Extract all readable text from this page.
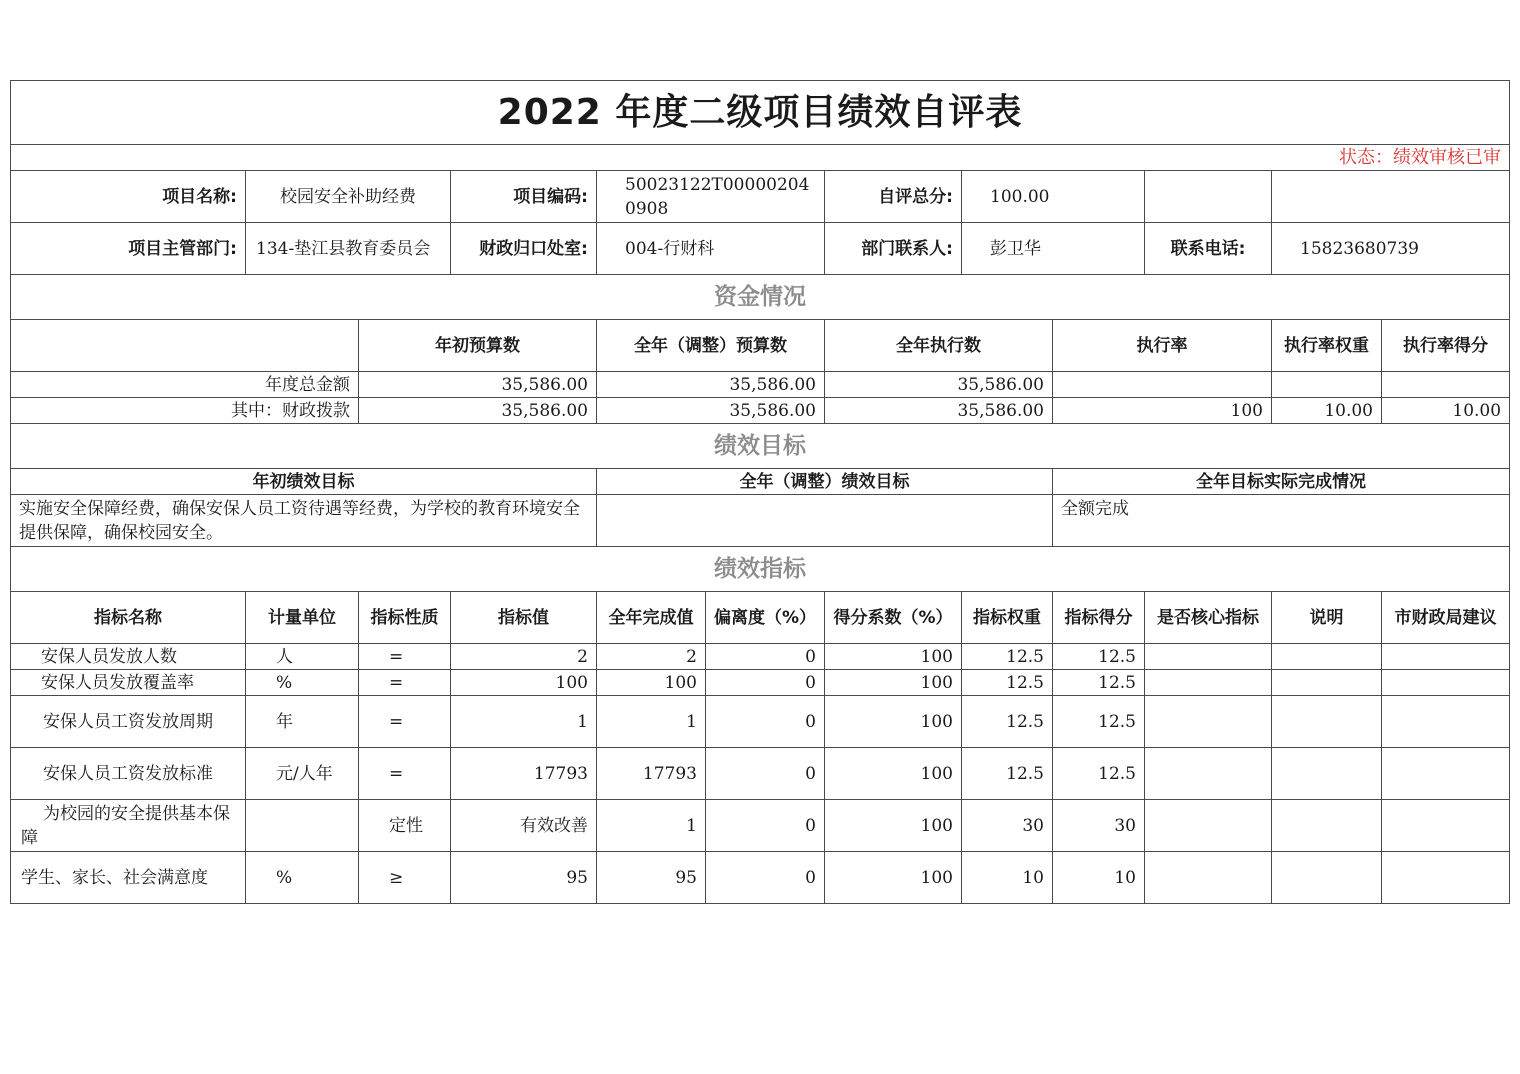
2022 年度二级项目绩效自评表											
状态：绩效审核已审											
项目名称:	校园安全补助经费		项目编码:	50023122T000002040908		自评总分:	100.00				
项目主管部门:	134-垫江县教育委员会		财政归口处室:	004-行财科		部门联系人:	彭卫华		联系电话:	15823680739	
资金情况											
		年初预算数		全年（调整）预算数		全年执行数		执行率		执行率权重	执行率得分
年度总金额		35,586.00		35,586.00		35,586.00					
其中：财政拨款		35,586.00		35,586.00		35,586.00		100		10.00	10.00
绩效目标											
年初绩效目标				全年（调整）绩效目标				全年目标实际完成情况			
实施安全保障经费，确保安保人员工资待遇等经费，为学校的教育环境安全提供保障，确保校园安全。								全额完成			
绩效指标											
指标名称	计量单位	指标性质	指标值	全年完成值	偏离度（%）	得分系数（%）	指标权重	指标得分	是否核心指标	说明	市财政局建议
安保人员发放人数	人	=	2	2	0	100	12.5	12.5			
安保人员发放覆盖率	%	=	100	100	0	100	12.5	12.5			
安保人员工资发放周期	年	=	1	1	0	100	12.5	12.5			
安保人员工资发放标准	元/人年	=	17793	17793	0	100	12.5	12.5			
为校园的安全提供基本保障		定性	有效改善	1	0	100	30	30			
学生、家长、社会满意度	%	≥	95	95	0	100	10	10			
